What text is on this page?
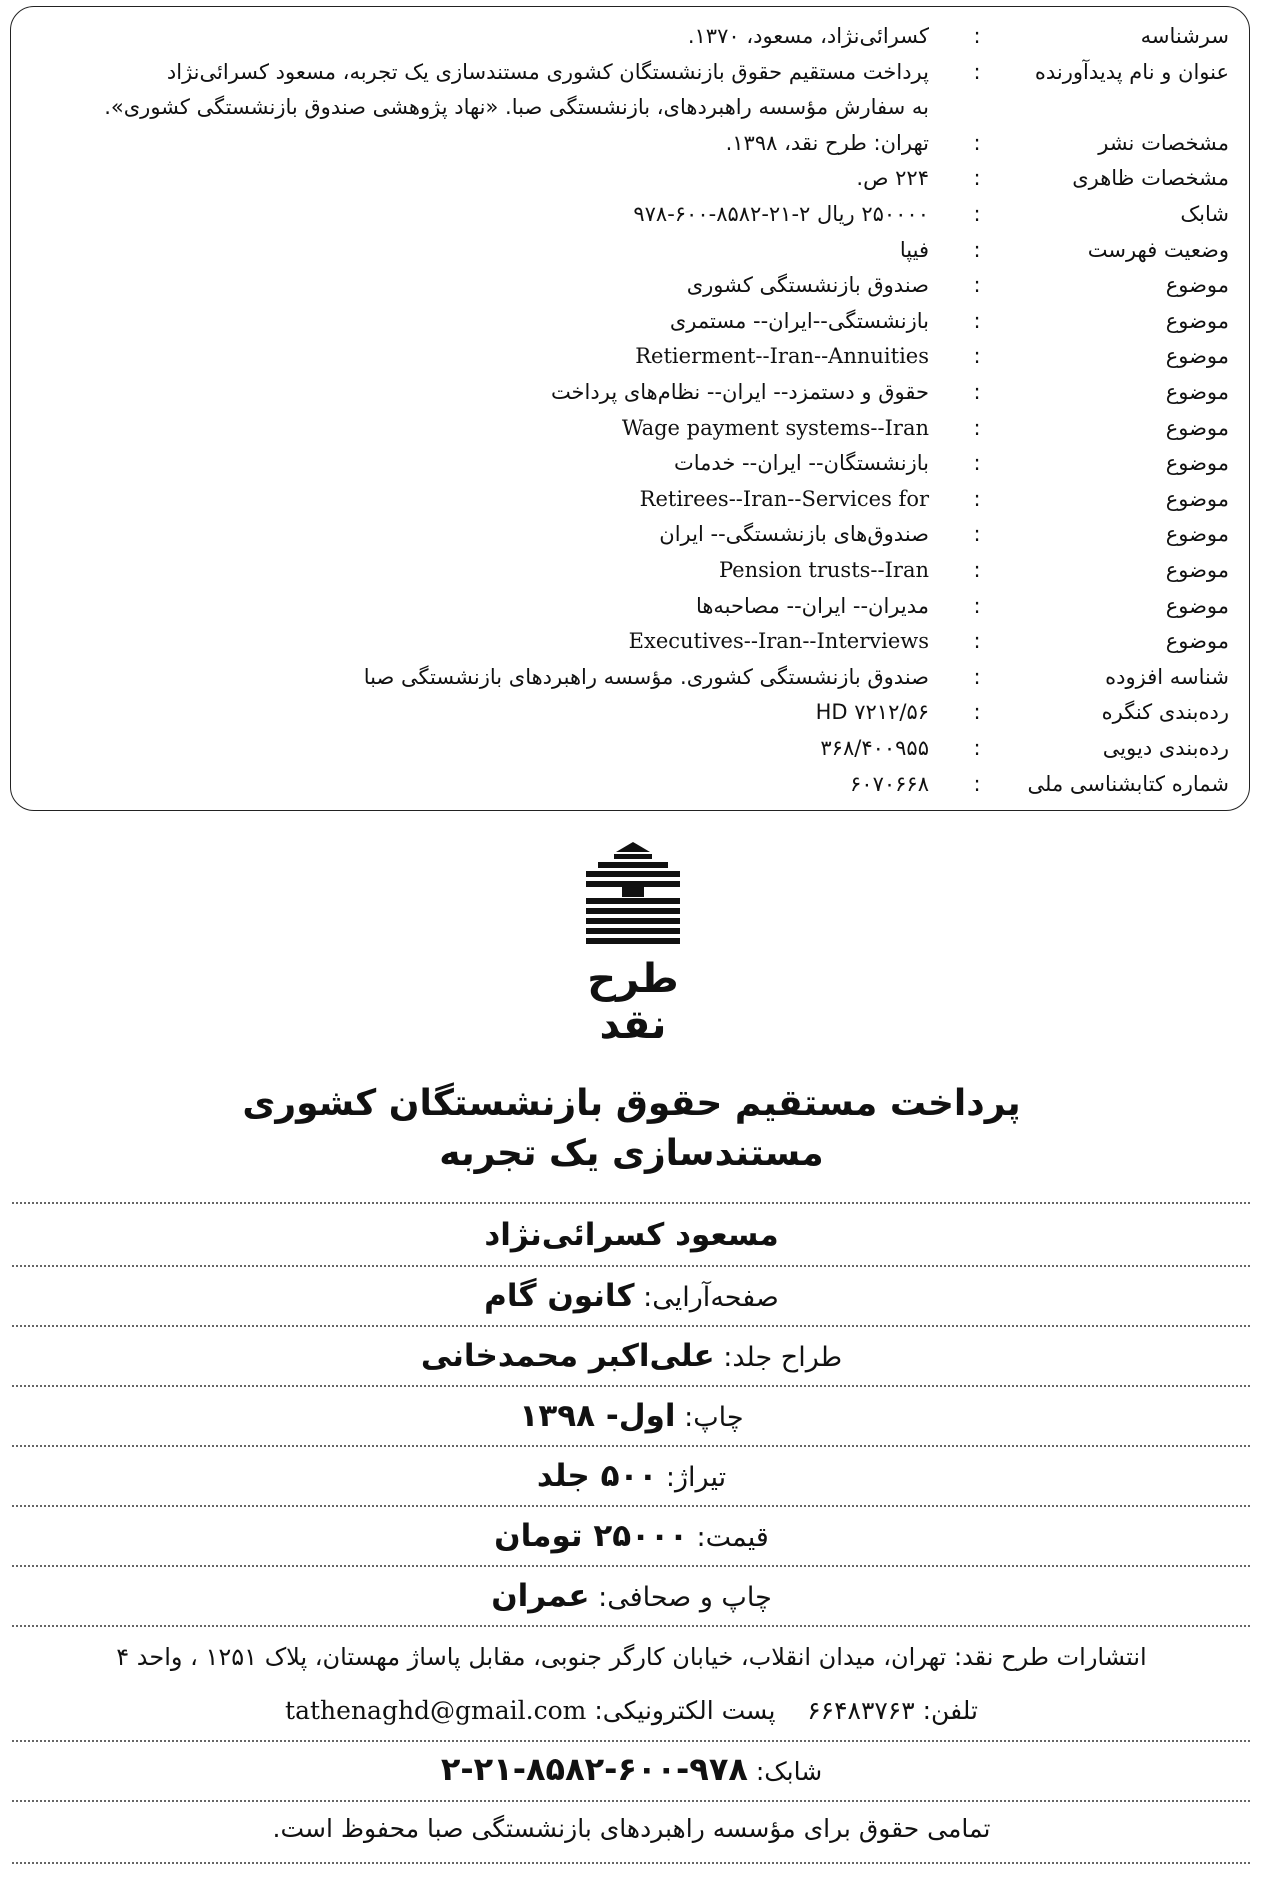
سرشناسه
:
کسرائی‌نژاد، مسعود، ۱۳۷۰.
عنوان و نام پدیدآورنده
:
پرداخت مستقیم حقوق بازنشستگان کشوری مستندسازی یک تجربه، مسعود کسرائی‌نژاد
به سفارش مؤسسه راهبردهای، بازنشستگی صبا. «نهاد پژوهشی صندوق بازنشستگی کشوری».
مشخصات نشر
:
تهران: طرح نقد، ۱۳۹۸.
مشخصات ظاهری
:
۲۲۴ ص.
شابک
:
۲۵۰۰۰۰ ریال ۲-۲۱-۸۵۸۲-۶۰۰-۹۷۸
وضعیت فهرست
:
فیپا
موضوع
:
صندوق بازنشستگی کشوری
موضوع
:
بازنشستگی--ایران-- مستمری
موضوع
:
Retierment--Iran--Annuities
موضوع
:
حقوق و دستمزد-- ایران-- نظام‌های پرداخت
موضوع
:
Wage payment systems--Iran
موضوع
:
بازنشستگان-- ایران-- خدمات
موضوع
:
Retirees--Iran--Services for
موضوع
:
صندوق‌های بازنشستگی-- ایران
موضوع
:
Pension trusts--Iran
موضوع
:
مدیران-- ایران-- مصاحبه‌ها
موضوع
:
Executives--Iran--Interviews
شناسه افزوده
:
صندوق بازنشستگی کشوری. مؤسسه راهبردهای بازنشستگی صبا
رده‌بندی کنگره
:
HD ۷۲۱۲/۵۶
رده‌بندی دیویی
:
۳۶۸/۴۰۰۹۵۵
شماره کتابشناسی ملی
:
۶۰۷۰۶۶۸
طرح
نقد
پرداخت مستقیم حقوق بازنشستگان کشوری
مستندسازی یک تجربه
مسعود کسرائی‌نژاد
صفحه‌آرایی: کانون گام
طراح جلد: علی‌اکبر محمدخانی
چاپ: اول- ۱۳۹۸
تیراژ: ۵۰۰ جلد
قیمت: ۲۵۰۰۰ تومان
چاپ و صحافی: عمران
انتشارات طرح نقد: تهران، میدان انقلاب، خیابان کارگر جنوبی، مقابل پاساژ مهستان، پلاک ۱۲۵۱ ، واحد ۴
تلفن: ۶۶۴۸۳۷۶۳    پست الکترونیکی: tathenaghd@gmail.com
شابک: ۲-۲۱-۸۵۸۲-۶۰۰-۹۷۸
تمامی حقوق برای مؤسسه راهبردهای بازنشستگی صبا محفوظ است.
